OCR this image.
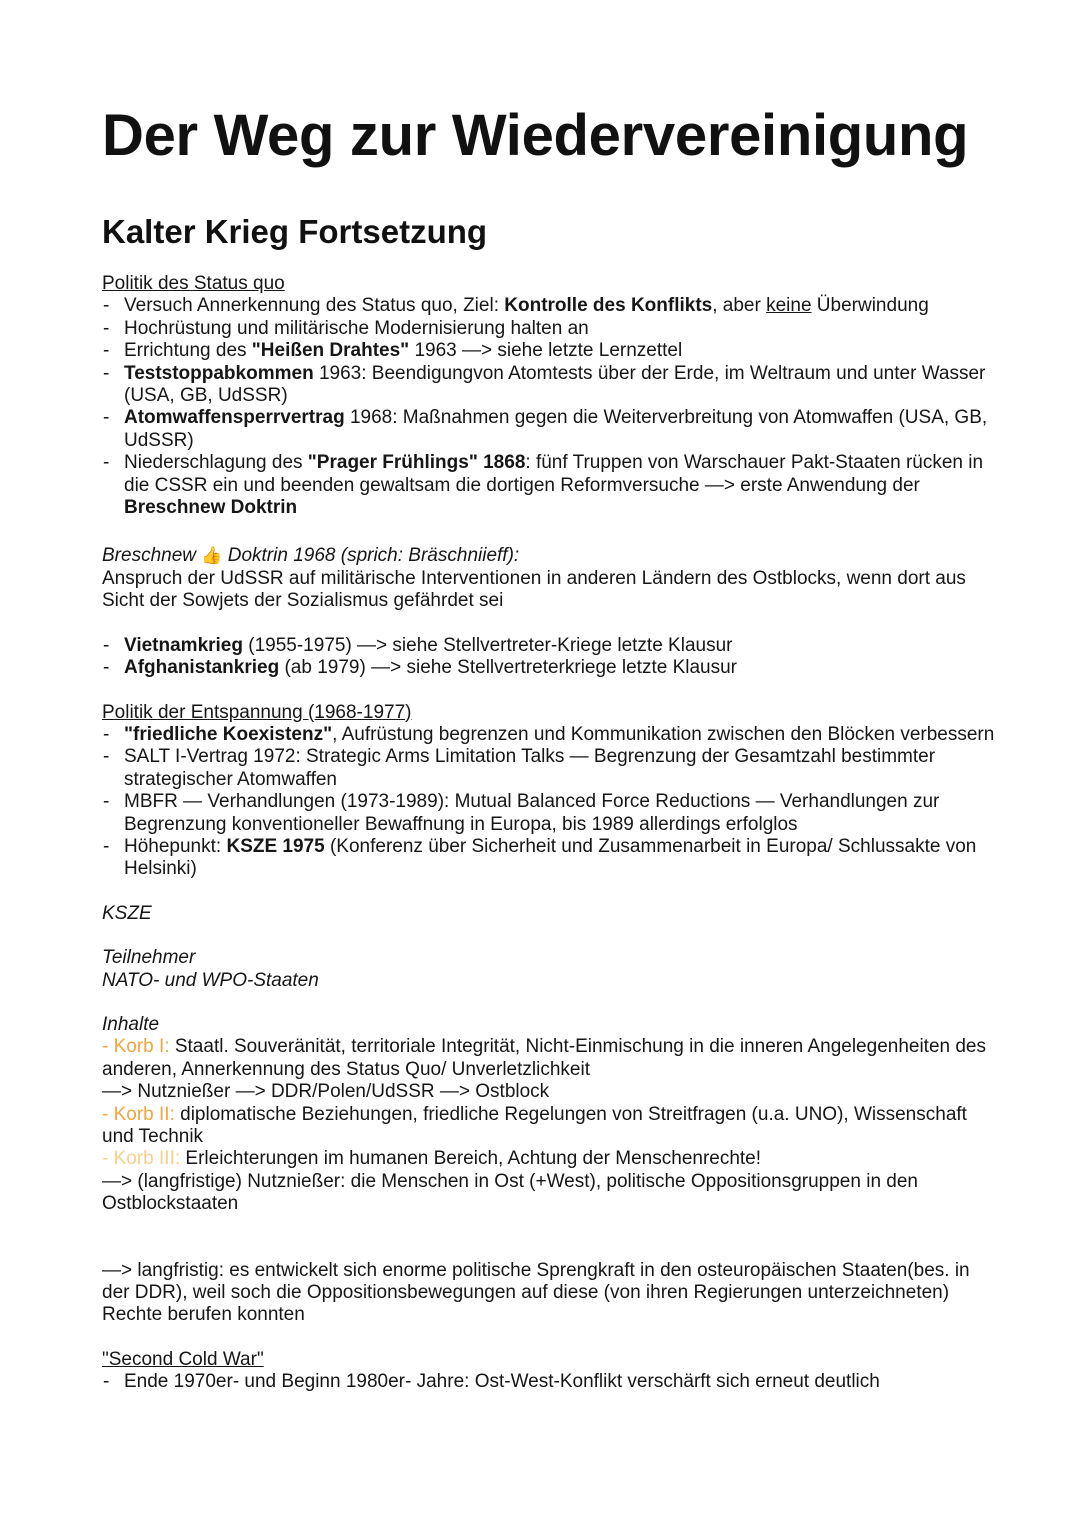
Der Weg zur Wiedervereinigung
Kalter Krieg Fortsetzung
Politik des Status quo
- Versuch Annerkennung des Status quo, Ziel: Kontrolle des Konflikts, aber keine Überwindung
- Hochrüstung und militärische Modernisierung halten an
- Errichtung des "Heißen Drahtes" 1963 —> siehe letzte Lernzettel
- Teststoppabkommen 1963: Beendigungvon Atomtests über der Erde, im Weltraum und unter Wasser (USA, GB, UdSSR)
- Atomwaffensperrvertrag 1968: Maßnahmen gegen die Weiterverbreitung von Atomwaffen (USA, GB, UdSSR)
- Niederschlagung des "Prager Frühlings" 1868: fünf Truppen von Warschauer Pakt-Staaten rücken in die CSSR ein und beenden gewaltsam die dortigen Reformversuche —> erste Anwendung der Breschnew Doktrin
Breschnew 👍 Doktrin 1968 (sprich: Bräschniieff):
Anspruch der UdSSR auf militärische Interventionen in anderen Ländern des Ostblocks, wenn dort aus Sicht der Sowjets der Sozialismus gefährdet sei
- Vietnamkrieg (1955-1975) —> siehe Stellvertreter-Kriege letzte Klausur
- Afghanistankrieg (ab 1979) —> siehe Stellvertreterkriege letzte Klausur
Politik der Entspannung (1968-1977)
- "friedliche Koexistenz", Aufrüstung begrenzen und Kommunikation zwischen den Blöcken verbessern
- SALT I-Vertrag 1972: Strategic Arms Limitation Talks — Begrenzung der Gesamtzahl bestimmter strategischer Atomwaffen
- MBFR — Verhandlungen (1973-1989): Mutual Balanced Force Reductions — Verhandlungen zur Begrenzung konventioneller Bewaffnung in Europa, bis 1989 allerdings erfolglos
- Höhepunkt: KSZE 1975 (Konferenz über Sicherheit und Zusammenarbeit in Europa/ Schlussakte von Helsinki)
KSZE
Teilnehmer
NATO- und WPO-Staaten
Inhalte
- Korb I: Staatl. Souveränität, territoriale Integrität, Nicht-Einmischung in die inneren Angelegenheiten des anderen, Annerkennung des Status Quo/ Unverletzlichkeit
—> Nutznießer —> DDR/Polen/UdSSR —> Ostblock
- Korb II: diplomatische Beziehungen, friedliche Regelungen von Streitfragen (u.a. UNO), Wissenschaft und Technik
- Korb III: Erleichterungen im humanen Bereich, Achtung der Menschenrechte!
—> (langfristige) Nutznießer: die Menschen in Ost (+West), politische Oppositionsgruppen in den Ostblockstaaten
—> langfristig: es entwickelt sich enorme politische Sprengkraft in den osteuropäischen Staaten(bes. in der DDR), weil soch die Oppositionsbewegungen auf diese (von ihren Regierungen unterzeichneten) Rechte berufen konnten
"Second Cold War"
- Ende 1970er- und Beginn 1980er- Jahre: Ost-West-Konflikt verschärft sich erneut deutlich
